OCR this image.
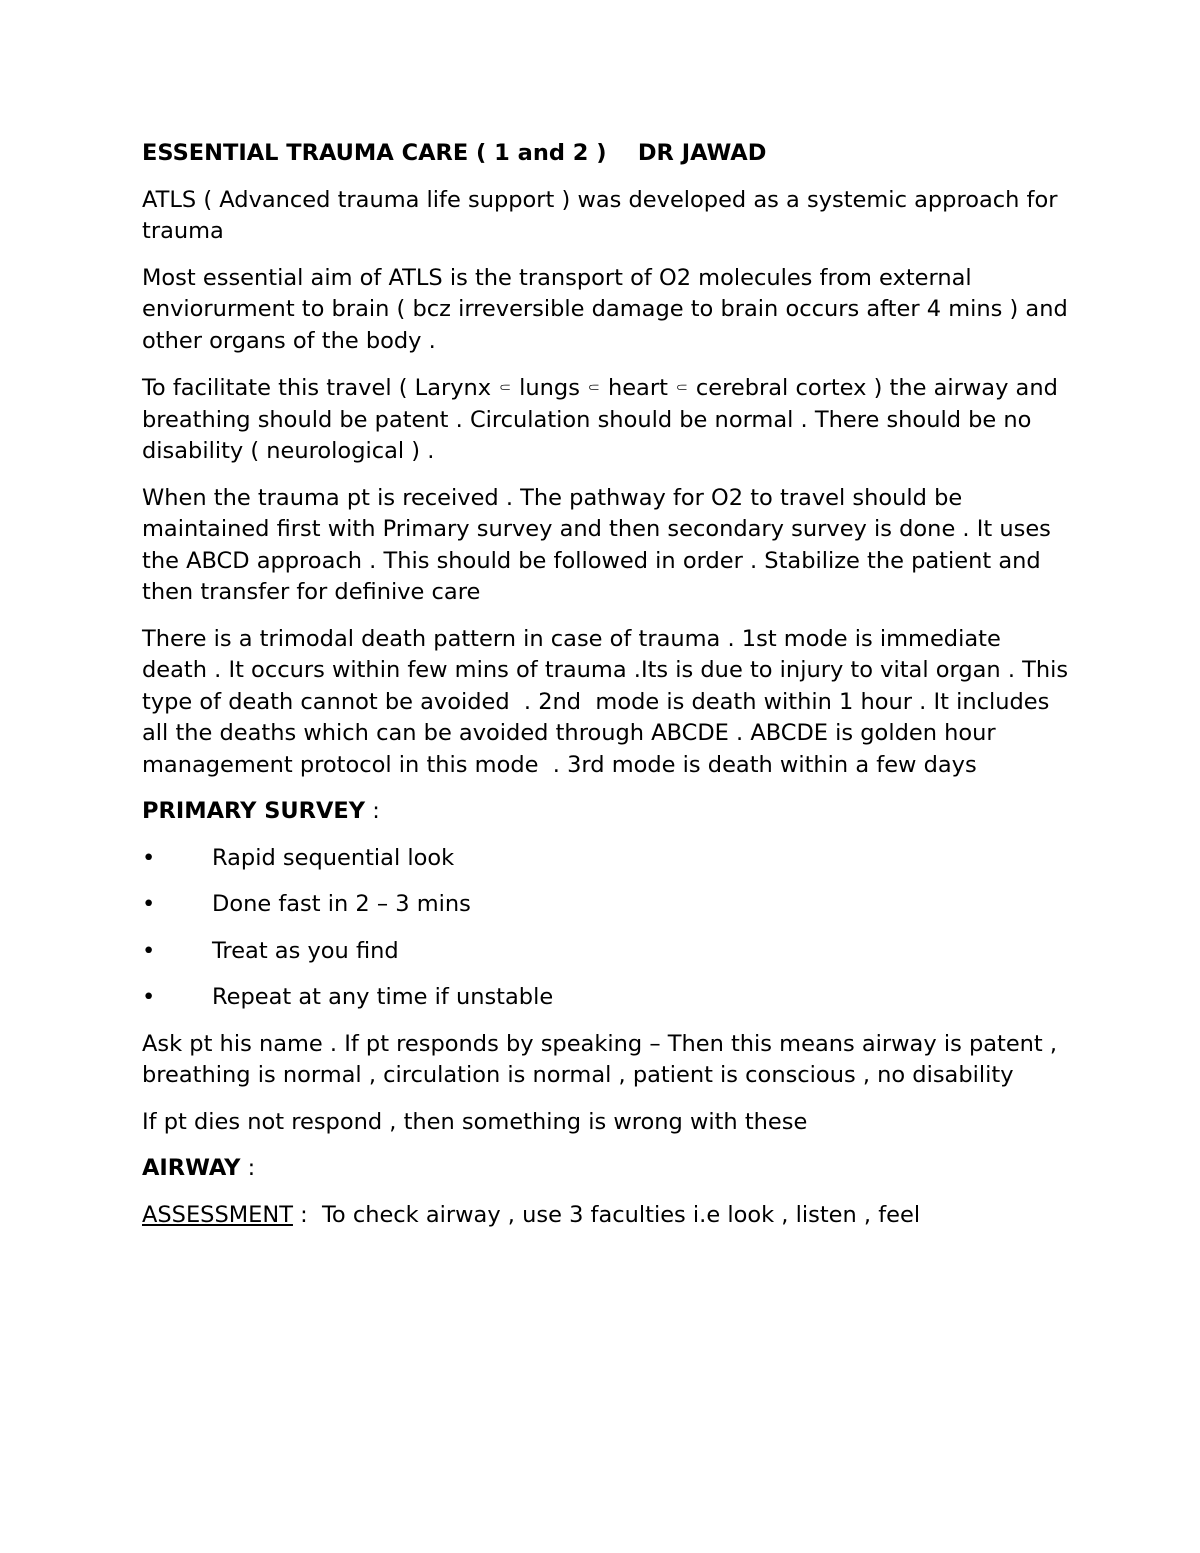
ESSENTIAL TRAUMA CARE ( 1 and 2 )    DR JAWAD

ATLS ( Advanced trauma life support ) was developed as a systemic approach for trauma

Most essential aim of ATLS is the transport of O2 molecules from external enviorurment to brain ( bcz irreversible damage to brain occurs after 4 mins ) and other organs of the body .

To facilitate this travel ( Larynx ⸦ lungs ⸦ heart ⸦ cerebral cortex ) the airway and breathing should be patent . Circulation should be normal . There should be no disability ( neurological ) .

When the trauma pt is received . The pathway for O2 to travel should be maintained first with Primary survey and then secondary survey is done . It uses the ABCD approach . This should be followed in order . Stabilize the patient and then transfer for definive care

There is a trimodal death pattern in case of trauma . 1st mode is immediate death . It occurs within few mins of trauma .Its is due to injury to vital organ . This type of death cannot be avoided  . 2nd  mode is death within 1 hour . It includes all the deaths which can be avoided through ABCDE . ABCDE is golden hour management protocol in this mode  . 3rd mode is death within a few days

PRIMARY SURVEY :

•	Rapid sequential look
•	Done fast in 2 – 3 mins
•	Treat as you find
•	Repeat at any time if unstable

Ask pt his name . If pt responds by speaking – Then this means airway is patent , breathing is normal , circulation is normal , patient is conscious , no disability

If pt dies not respond , then something is wrong with these

AIRWAY :

ASSESSMENT :  To check airway , use 3 faculties i.e look , listen , feel
